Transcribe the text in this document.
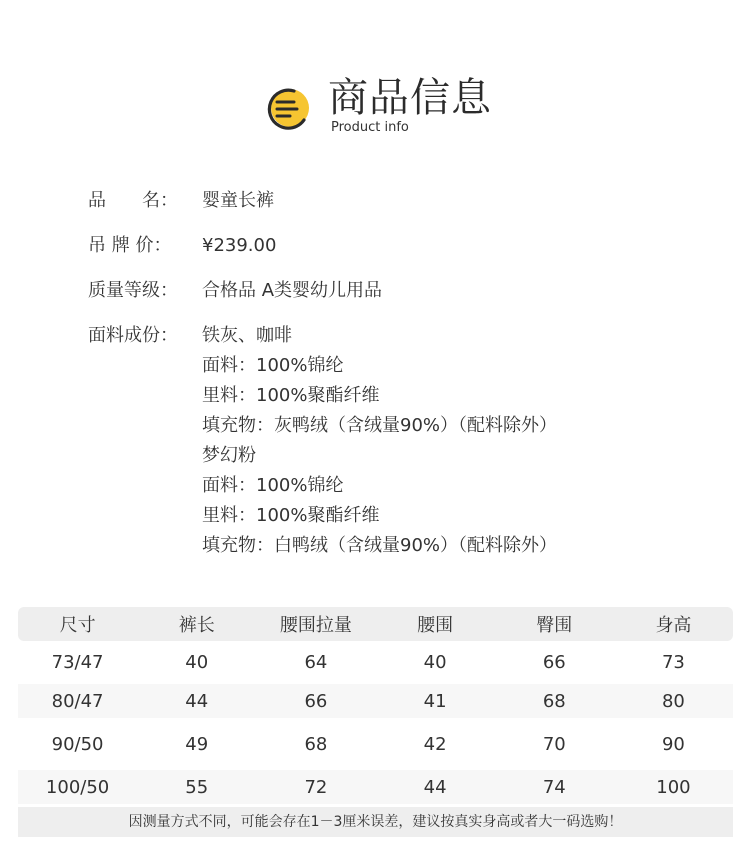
商品信息
Product info
品　　名：	婴童长裤
吊 牌 价：	¥239.00
质量等级：	合格品 A类婴幼儿用品
面料成份：	铁灰、咖啡
面料：100%锦纶
里料：100%聚酯纤维
填充物：灰鸭绒（含绒量90%）（配料除外）
梦幻粉
面料：100%锦纶
里料：100%聚酯纤维
填充物：白鸭绒（含绒量90%）（配料除外）
尺寸	裤长	腰围拉量	腰围	臀围	身高
73/47	40	64	40	66	73
80/47	44	66	41	68	80
90/50	49	68	42	70	90
100/50	55	72	44	74	100
因测量方式不同，可能会存在1－3厘米误差，建议按真实身高或者大一码选购！
